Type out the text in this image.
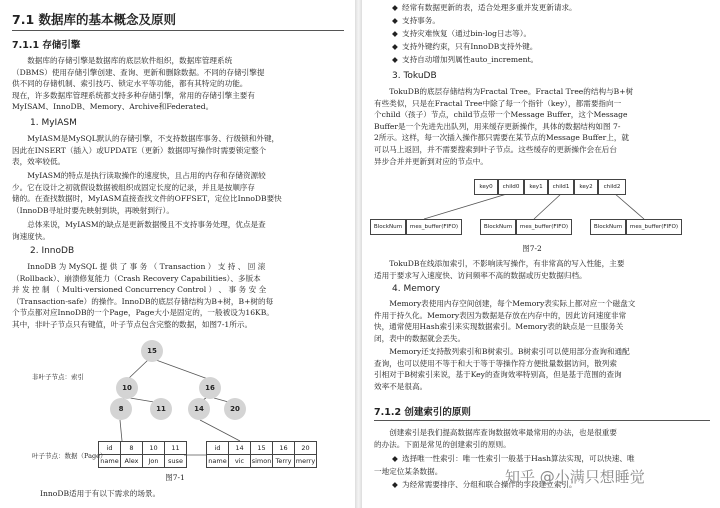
7.1 数据库的基本概念及原则
7.1.1 存储引擎
数据库的存储引擎是数据库的底层软件组织，数据库管理系统
（DBMS）使用存储引擎创建、查询、更新和删除数据。不同的存储引擎提
供不同的存储机制、索引技巧、锁定水平等功能，都有其特定的功能。
现在，许多数据库管理系统都支持多种存储引擎，常用的存储引擎主要有
MyISAM、InnoDB、Memory、Archive和Federated。
1. MyIASM
MyIASM是MySQL默认的存储引擎，不支持数据库事务、行级锁和外键，
因此在INSERT（插入）或UPDATE（更新）数据即写操作时需要锁定整个
表，效率较低。
MyIASM的特点是执行读取操作的速度快，且占用的内存和存储资源较
少。它在设计之初就假设数据被组织成固定长度的记录，并且是按顺序存
储的。在查找数据时，MyIASM直接查找文件的OFFSET，定位比InnoDB要快
（InnoDB寻址时要先映射到块，再映射到行）。
总体来说，MyIASM的缺点是更新数据慢且不支持事务处理，优点是查
询速度快。
2. InnoDB
InnoDB 为 MySQL 提 供 了 事 务 （ Transaction ） 支 持 、 回 滚
（Rollback）、崩溃修复能力（Crash Recovery Capabilities）、多版本
并 发 控 制 （ Multi-versioned Concurrency Control ） 、 事 务 安 全
（Transaction-safe）的操作。InnoDB的底层存储结构为B+树，B+树的每
个节点都对应InnoDB的一个Page，Page大小是固定的，一般被设为16KB。
其中，非叶子节点只有键值，叶子节点包含完整的数据，如图7-1所示。
非叶子节点：索引
叶子节点：数据（Page）
15
10	16
8	11	14	20
id	8	10	11
name	Alex	Jon	suse
id	14	15	16	20
name	vic	simon	Terry	merry
图7-1
InnoDB适用于有以下需求的场景。
◆ 经常有数据更新的表，适合处理多重并发更新请求。
◆ 支持事务。
◆ 支持灾难恢复（通过bin-log日志等）。
◆ 支持外键约束，只有InnoDB支持外键。
◆ 支持自动增加列属性auto_increment。
3. TokuDB
TokuDB的底层存储结构为Fractal Tree。Fractal Tree的结构与B+树
有些类似，只是在Fractal Tree中除了每一个指针（key），都需要指向一
个child（孩子）节点，child节点带一个Message Buffer，这个Message
Buffer是一个先进先出队列，用来缓存更新操作，具体的数据结构如图 7-
2所示。这样，每一次插入操作都只需要在某节点的Message Buffer上，就
可以马上返回，并不需要搜索到叶子节点。这些缓存的更新操作会在后台
异步合并并更新到对应的节点中。
key0	child0	key1	child1	key2	child2
BlockNum	mes_buffer(FIFO)	BlockNum	mes_buffer(FIFO)	BlockNum	mes_buffer(FIFO)
图7-2
TokuDB在线添加索引，不影响读写操作，有非常高的写入性能，主要
适用于要求写入速度快、访问频率不高的数据或历史数据归档。
4. Memory
Memory表使用内存空间创建，每个Memory表实际上都对应一个磁盘文
件用于持久化。Memory表因为数据是存放在内存中的，因此访问速度非常
快，通常使用Hash索引来实现数据索引。Memory表的缺点是一旦服务关
闭，表中的数据就会丢失。
Memory还支持散列索引和B树索引。B树索引可以使用部分查询和通配
查询，也可以使用不等于和大于等于等操作符方便批量数据访问，散列索
引相对于B树索引来说，基于Key的查询效率特别高，但是基于范围的查询
效率不是很高。
7.1.2 创建索引的原则
创建索引是我们提高数据库查询数据效率最常用的办法，也是很重要
的办法。下面是常见的创建索引的原则。
◆ 选择唯一性索引：唯一性索引一般基于Hash算法实现，可以快速、唯
一地定位某条数据。
◆ 为经常需要排序、分组和联合操作的字段建立索引。
知乎 @小满只想睡觉
